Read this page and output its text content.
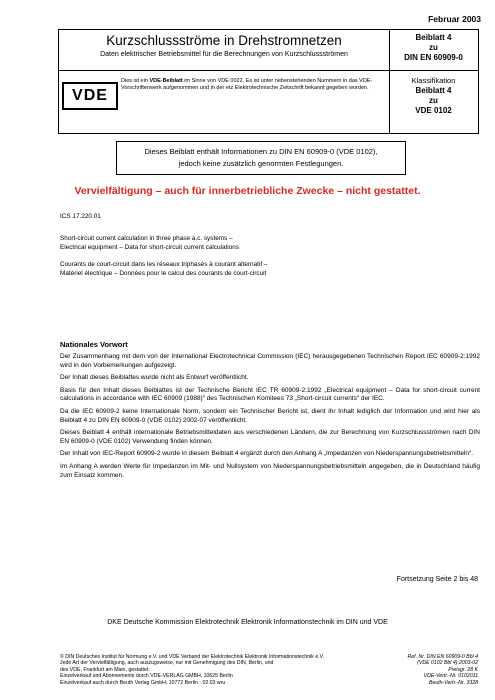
Februar 2003
Kurzschlussströme in Drehstromnetzen
Daten elektrischer Betriebsmittel für die Berechnungen von Kurzschlussströmen
Beiblatt 4
zu
DIN EN 60909-0
VDE
Dies ist ein VDE-Beiblatt im Sinne von VDE 0022. Es ist unter nebenstehenden Nummern in das VDE-Vorschriftenwerk aufgenommen und in der etz Elektrotechnische Zeitschrift bekannt gegeben worden.
Klassifikation
Beiblatt 4
zu
VDE 0102
Dieses Beiblatt enthält Informationen zu DIN EN 60909-0 (VDE 0102),
jedoch keine zusätzlich genormten Festlegungen.
Vervielfältigung – auch für innerbetriebliche Zwecke – nicht gestattet.
ICS 17.220.01
Short-circuit current calculation in three phase a.c. systems –
Electrical equipment – Data for short-circuit current calculations
Courants de court-circuit dans les réseaux triphasés à courant alternatif –
Matériel électrique – Données pour le calcul des courants de court-circuit
Nationales Vorwort

Der Zusammenhang mit dem von der International Electrotechnical Commission (IEC) herausgegebenen Technischen Report IEC 60909-2:1992 wird in den Vorbemerkungen aufgezeigt.

Der Inhalt dieses Beiblattes wurde nicht als Entwurf veröffentlicht.

Basis für den Inhalt dieses Beiblattes ist der Technische Bericht IEC TR 60909-2:1992 „Electrical equipment – Data for short-circuit current calculations in accordance with IEC 60909 (1988)“ des Technischen Komitees 73 „Short-circuit currents“ der IEC.

Da die IEC 60909-2 keine Internationale Norm, sondern ein Technischer Bericht ist, dient ihr Inhalt lediglich der Information und wird hier als Beiblatt 4 zu DIN EN 60909-0 (VDE 0102) 2002-07 veröffentlicht.

Dieses Beiblatt 4 enthält internationale Betriebsmitteldaten aus verschiedenen Ländern, die zur Berechnung von Kurzschlussströmen nach DIN EN 60909-0 (VDE 0102) Verwendung finden können.

Der Inhalt von IEC-Report 60909-2 wurde in diesem Beiblatt 4 ergänzt durch den Anhang A „Impedanzen von Niederspannungsbetriebsmitteln“.

Im Anhang A werden Werte für Impedanzen im Mit- und Nullsystem von Niederspannungsbetriebsmitteln angegeben, die in Deutschland häufig zum Einsatz kommen.

Fortsetzung Seite 2 bis 48
DKE Deutsche Kommission Elektrotechnik Elektronik Informationstechnik im DIN und VDE
© DIN Deutsches Institut für Normung e.V. und VDE Verband der Elektrotechnik Elektronik Informationstechnik e.V.
Jede Art der Vervielfältigung, auch auszugsweise, nur mit Genehmigung des DIN, Berlin, und
des VDE, Frankfurt am Main, gestattet.
Einzelverkauf und Abonnements durch VDE-VERLAG GMBH, 10625 Berlin
Einzelverkauf auch durch Beuth Verlag GmbH, 10772 Berlin · 02.03 wru
Ref. Nr. DIN EN 60909-0 Bbl 4
(VDE 0102 Bbl 4):2003-02
Preisgr. 28 K
VDE-Vertr.-Nr. 0102011
Beuth-Vertr.-Nr. 3328
